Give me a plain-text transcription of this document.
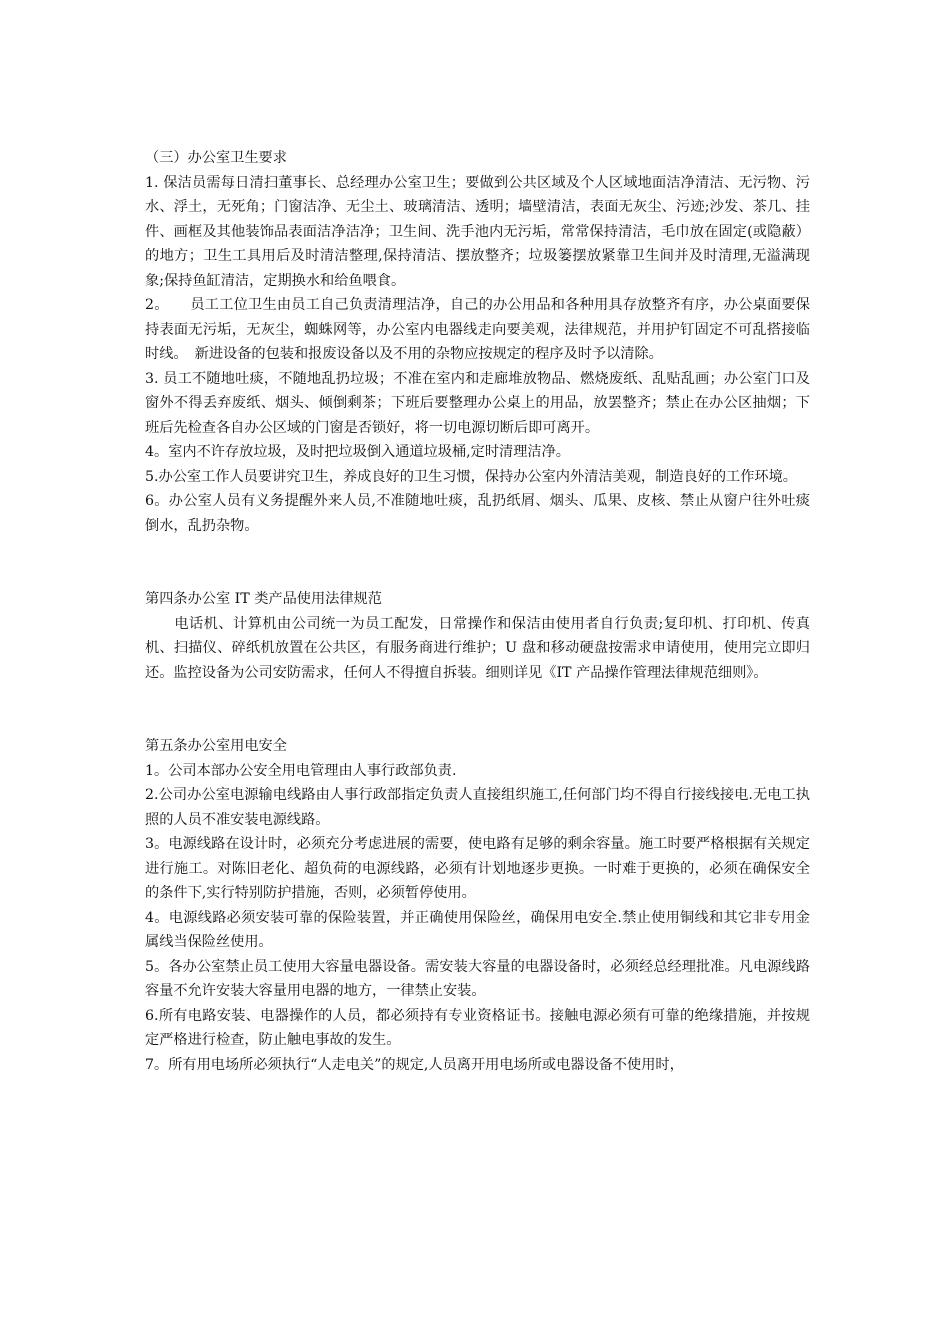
（三）办公室卫生要求

1. 保洁员需每日清扫董事长、总经理办公室卫生；要做到公共区域及个人区域地面洁净清洁、无污物、污水、浮土，无死角；门窗洁净、无尘土、玻璃清洁、透明；墙壁清洁，表面无灰尘、污迹;沙发、茶几、挂件、画框及其他装饰品表面洁净洁净；卫生间、洗手池内无污垢，常常保持清洁，毛巾放在固定(或隐蔽）的地方；卫生工具用后及时清洁整理,保持清洁、摆放整齐；垃圾篓摆放紧靠卫生间并及时清理,无溢满现象;保持鱼缸清洁，定期换水和给鱼喂食。

2。　　员工工位卫生由员工自己负责清理洁净，自己的办公用品和各种用具存放整齐有序，办公桌面要保持表面无污垢，无灰尘，蜘蛛网等，办公室内电器线走向要美观，法律规范，并用护钉固定不可乱搭接临时线。　新进设备的包装和报废设备以及不用的杂物应按规定的程序及时予以清除。

3. 员工不随地吐痰，不随地乱扔垃圾；不准在室内和走廊堆放物品、燃烧废纸、乱贴乱画；办公室门口及窗外不得丢弃废纸、烟头、倾倒剩茶；下班后要整理办公桌上的用品，放罢整齐；禁止在办公区抽烟；下班后先检查各自办公区域的门窗是否锁好，将一切电源切断后即可离开。

4。室内不许存放垃圾，及时把垃圾倒入通道垃圾桶,定时清理洁净。

5.办公室工作人员要讲究卫生，养成良好的卫生习惯，保持办公室内外清洁美观，制造良好的工作环境。

6。办公室人员有义务提醒外来人员,不准随地吐痰，乱扔纸屑、烟头、瓜果、皮核、禁止从窗户往外吐痰倒水，乱扔杂物。

第四条办公室 IT 类产品使用法律规范

　　电话机、计算机由公司统一为员工配发，日常操作和保洁由使用者自行负责;复印机、打印机、传真机、扫描仪、碎纸机放置在公共区，有服务商进行维护；U 盘和移动硬盘按需求申请使用，使用完立即归还。监控设备为公司安防需求，任何人不得擅自拆装。细则详见《IT 产品操作管理法律规范细则》。

第五条办公室用电安全

1。公司本部办公安全用电管理由人事行政部负责.

2.公司办公室电源输电线路由人事行政部指定负责人直接组织施工,任何部门均不得自行接线接电.无电工执照的人员不准安装电源线路。

3。电源线路在设计时，必须充分考虑进展的需要，使电路有足够的剩余容量。施工时要严格根据有关规定进行施工。对陈旧老化、超负荷的电源线路，必须有计划地逐步更换。一时难于更换的，必须在确保安全的条件下,实行特别防护措施，否则，必须暂停使用。

4。电源线路必须安装可靠的保险装置，并正确使用保险丝，确保用电安全.禁止使用铜线和其它非专用金属线当保险丝使用。

5。各办公室禁止员工使用大容量电器设备。需安装大容量的电器设备时，必须经总经理批准。凡电源线路容量不允许安装大容量用电器的地方，一律禁止安装。

6.所有电路安装、电器操作的人员，都必须持有专业资格证书。接触电源必须有可靠的绝缘措施，并按规定严格进行检查，防止触电事故的发生。

7。所有用电场所必须执行“人走电关”的规定,人员离开用电场所或电器设备不使用时，
